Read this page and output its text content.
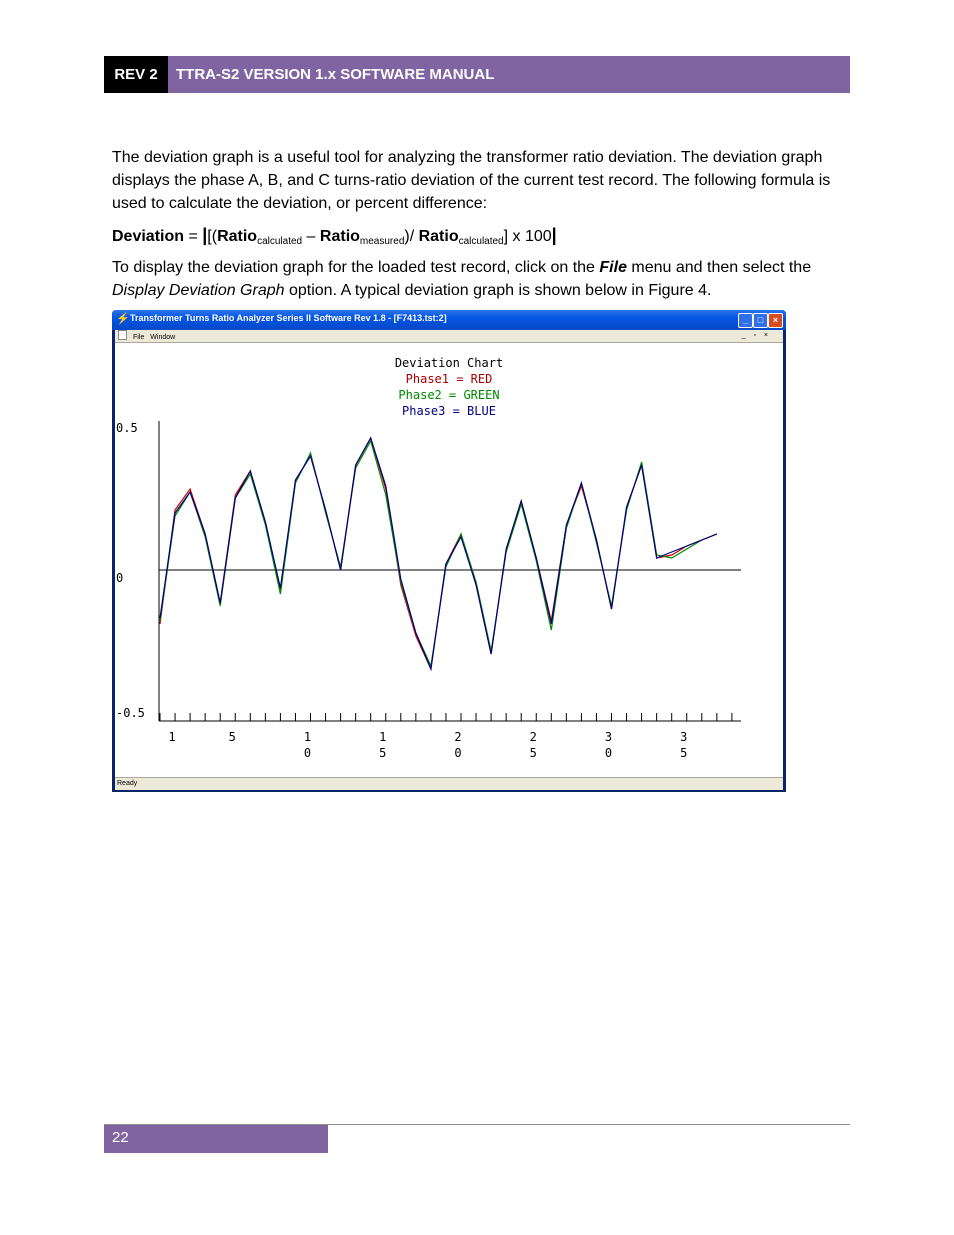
REV 2	TTRA-S2 VERSION 1.x SOFTWARE MANUAL

The deviation graph is a useful tool for analyzing the transformer ratio deviation. The deviation graph displays the phase A, B, and C turns-ratio deviation of the current test record. The following formula is used to calculate the deviation, or percent difference:

Deviation = |[(Ratio$_{calculated}$ – Ratio$_{measured}$)/ Ratio$_{calculated}$] x 100|

To display the deviation graph for the loaded test record, click on the File menu and then select the Display Deviation Graph option. A typical deviation graph is shown below in Figure 4.

⚡ Transformer Turns Ratio Analyzer Series II Software Rev 1.8 - [F7413.tst:2]	_	□	×
File Window	_ ▫ ×
Deviation Chart
Phase1 = RED
Phase2 = GREEN
Phase3 = BLUE
0.5
0
-0.5
1	5	1
0
1
5
2
0
2
5
3
0
3
5
Ready
22
